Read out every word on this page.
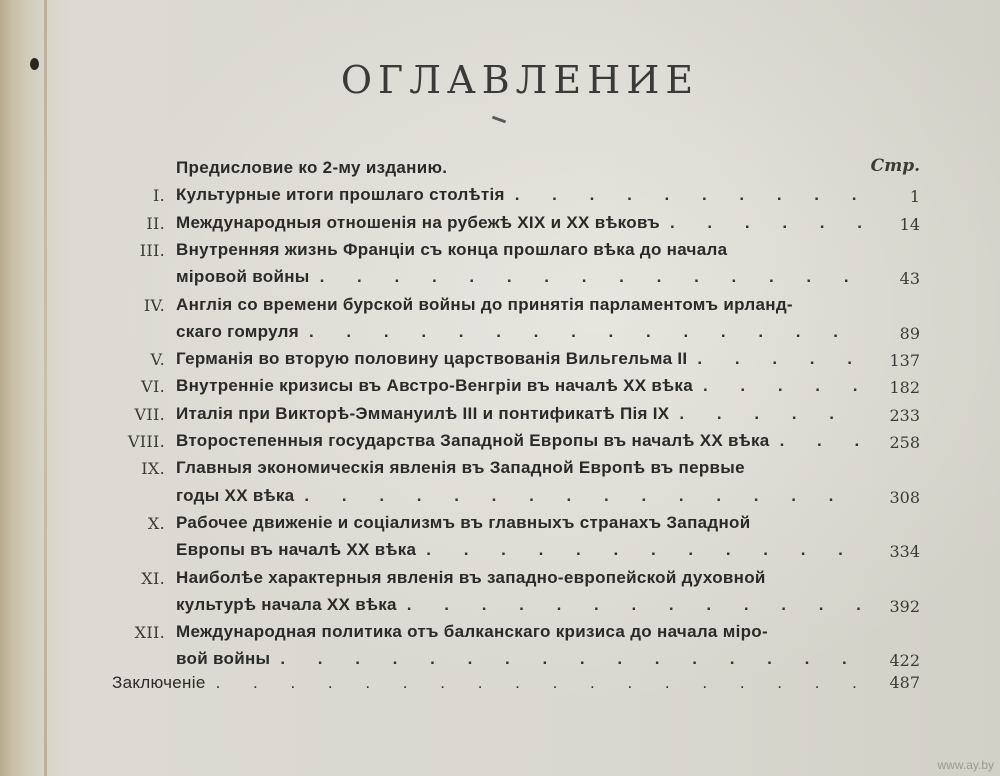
ОГЛАВЛЕНИЕ
Предисловие ко 2-му изданию.	Стр.
I. Культурные итоги прошлаго столѣтія . . .	1
II. Международныя отношенія на рубежѣ XIX и XX вѣковъ . . .	14
III. Внутренняя жизнь Франціи съ конца прошлаго вѣка до начала
міровой войны . . .	43
IV. Англія со времени бурской войны до принятія парламентомъ ирланд-
скаго гомруля . . .	89
V. Германія во вторую половину царствованія Вильгельма II . . .	137
VI. Внутренніе кризисы въ Австро-Венгріи въ началѣ XX вѣка . . .	182
VII. Италія при Викторѣ-Эммануилѣ III и понтификатѣ Пія IX . . .	233
VIII. Второстепенныя государства Западной Европы въ началѣ XX вѣка . . .	258
IX. Главныя экономическія явленія въ Западной Европѣ въ первые
годы XX вѣка . . .	308
X. Рабочее движеніе и соціализмъ въ главныхъ странахъ Западной
Европы въ началѣ XX вѣка . . .	334
XI. Наиболѣе характерныя явленія въ западно-европейской духовной
культурѣ начала XX вѣка . . .	392
XII. Международная политика отъ балканскаго кризиса до начала міро-
вой войны . . .	422
Заключеніе . . .	487
www.ay.by
